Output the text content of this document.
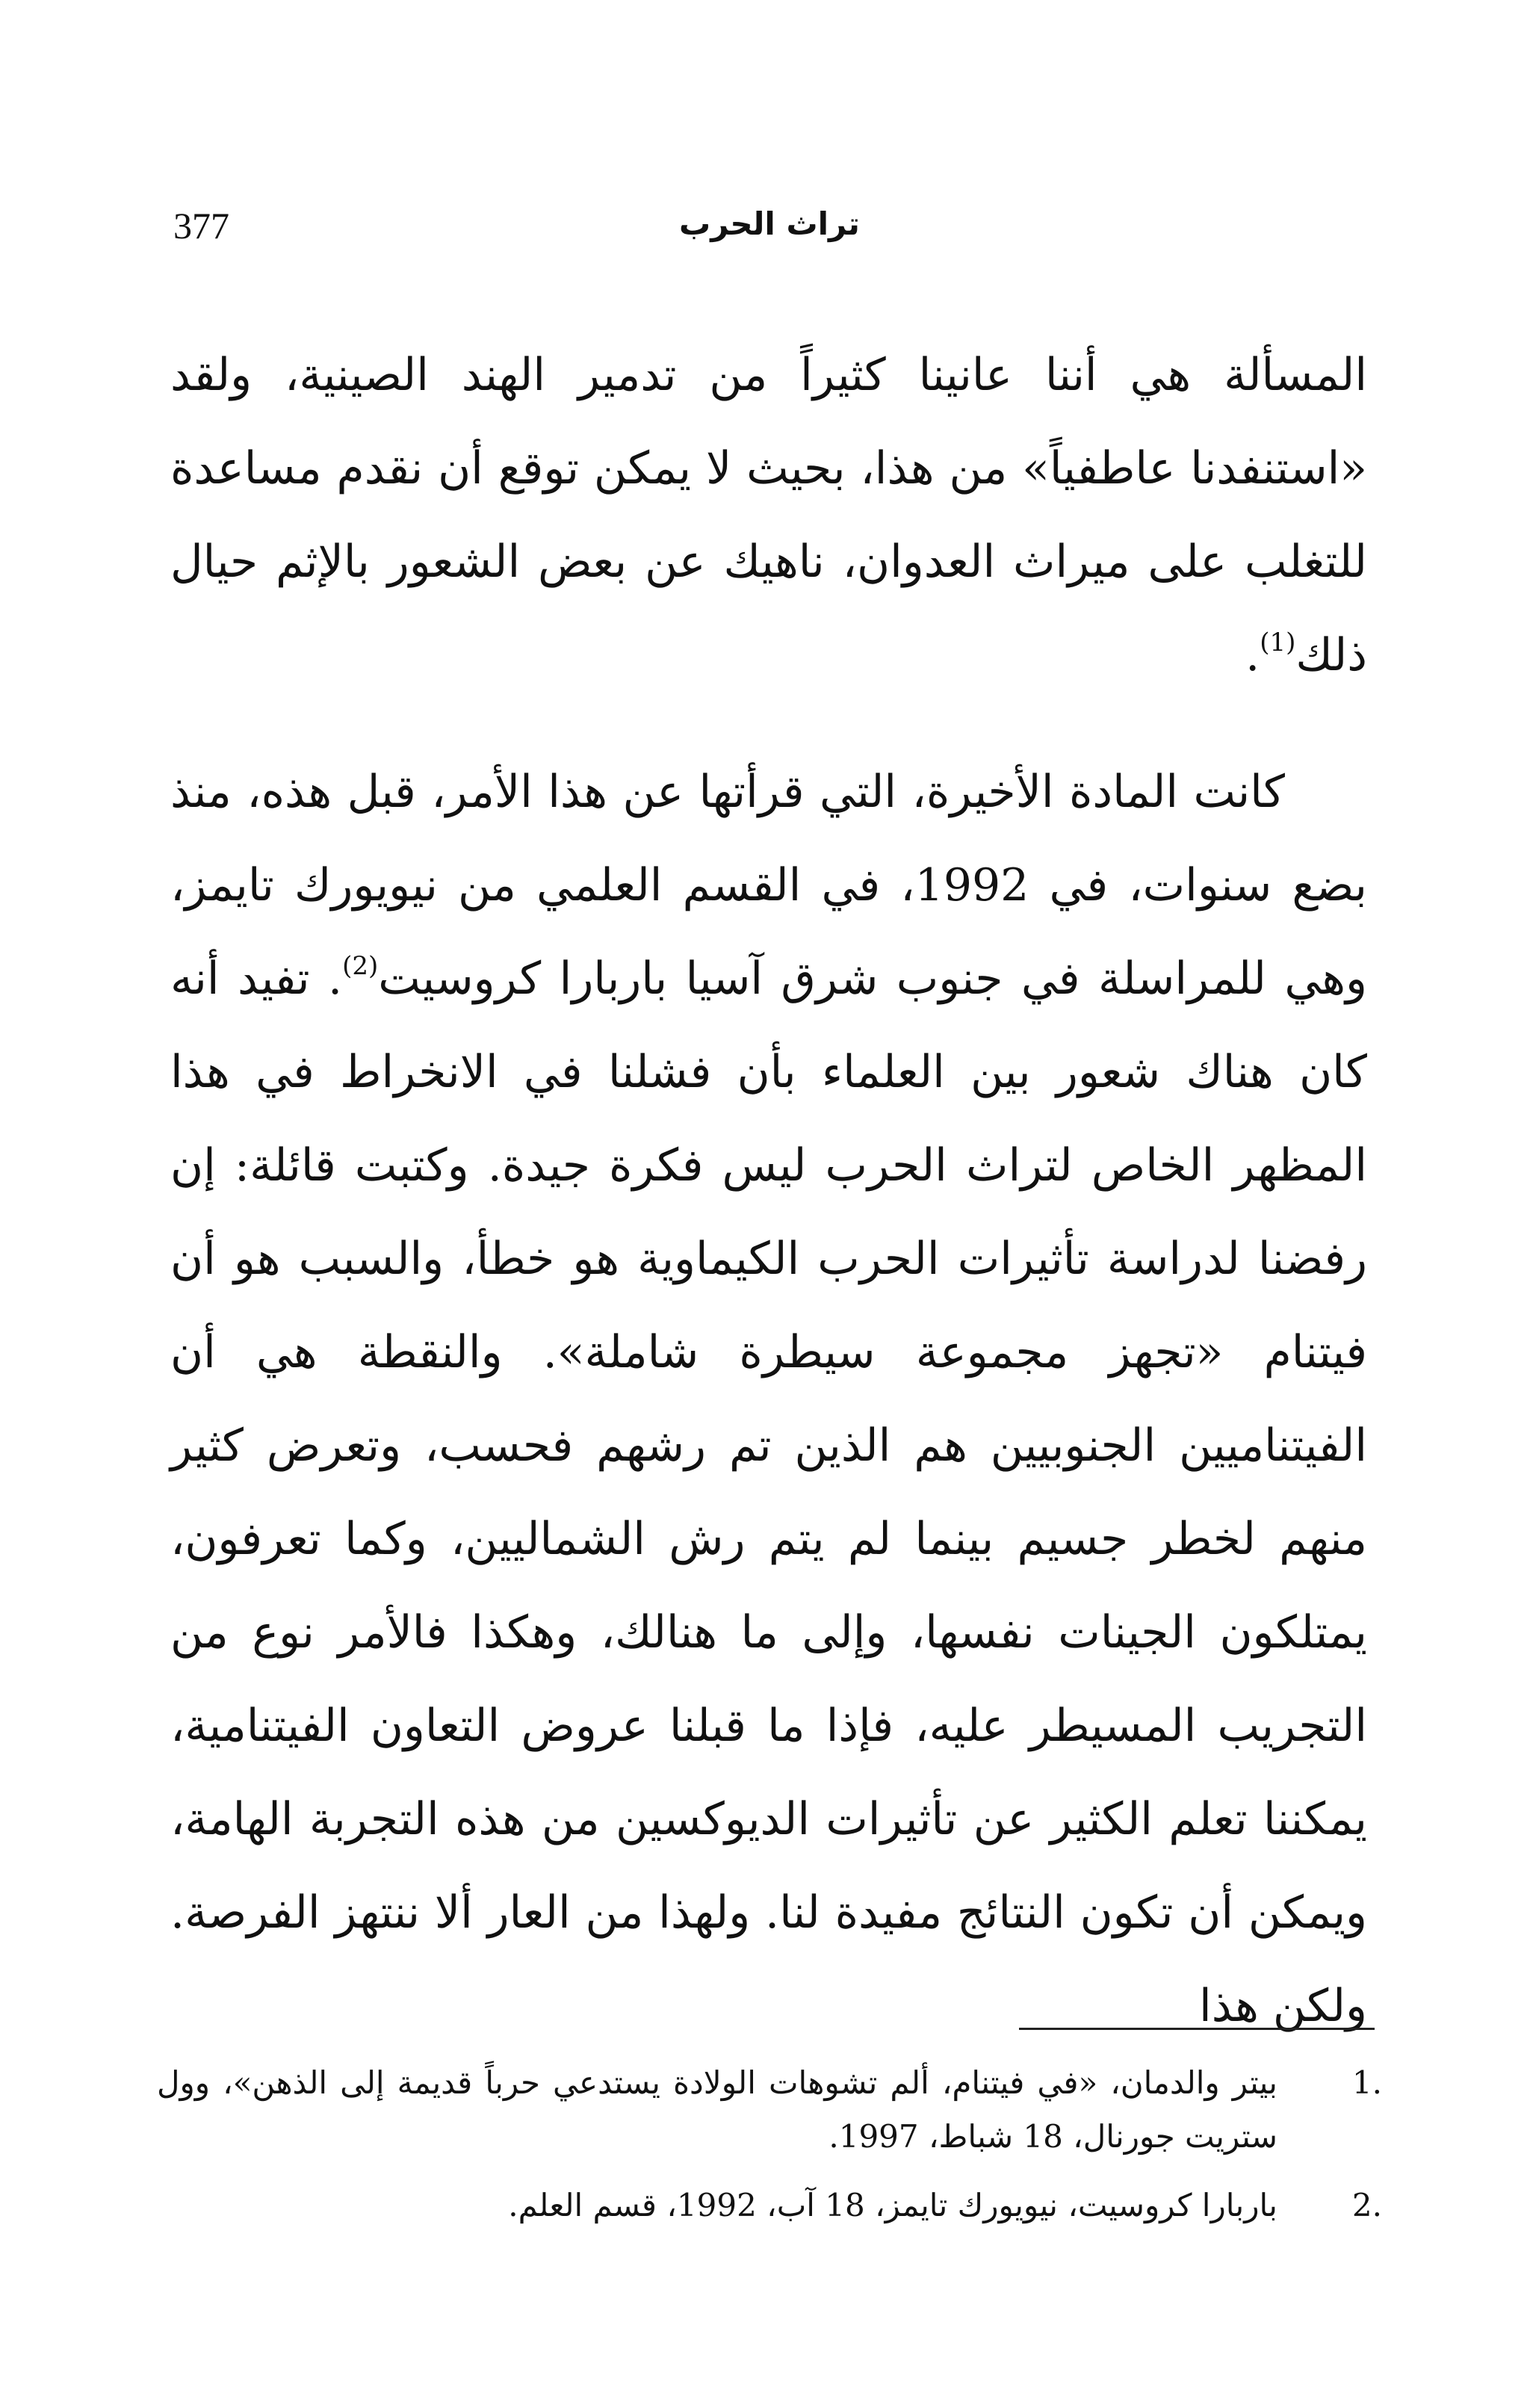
377	تراث الحرب

المسألة هي أننا عانينا كثيراً من تدمير الهند الصينية، ولقد «استنفدنا عاطفياً» من هذا، بحيث لا يمكن توقع أن نقدم مساعدة للتغلب على ميراث العدوان، ناهيك عن بعض الشعور بالإثم حيال ذلك$^{(1)}$.

كانت المادة الأخيرة، التي قرأتها عن هذا الأمر، قبل هذه، منذ بضع سنوات، في 1992، في القسم العلمي من نيويورك تايمز، وهي للمراسلة في جنوب شرق آسيا باربارا كروسيت$^{(2)}$. تفيد أنه كان هناك شعور بين العلماء بأن فشلنا في الانخراط في هذا المظهر الخاص لتراث الحرب ليس فكرة جيدة. وكتبت قائلة: إن رفضنا لدراسة تأثيرات الحرب الكيماوية هو خطأ، والسبب هو أن فيتنام «تجهز مجموعة سيطرة شاملة». والنقطة هي أن الفيتناميين الجنوبيين هم الذين تم رشهم فحسب، وتعرض كثير منهم لخطر جسيم بينما لم يتم رش الشماليين، وكما تعرفون، يمتلكون الجينات نفسها، وإلى ما هنالك، وهكذا فالأمر نوع من التجريب المسيطر عليه، فإذا ما قبلنا عروض التعاون الفيتنامية، يمكننا تعلم الكثير عن تأثيرات الديوكسين من هذه التجربة الهامة، ويمكن أن تكون النتائج مفيدة لنا. ولهذا من العار ألا ننتهز الفرصة. ولكن هذا

.1
بيتر والدمان، «في فيتنام، ألم تشوهات الولادة يستدعي حرباً قديمة إلى الذهن»، وول ستريت جورنال، 18 شباط، 1997.
.2
باربارا كروسيت، نيويورك تايمز، 18 آب، 1992، قسم العلم.
